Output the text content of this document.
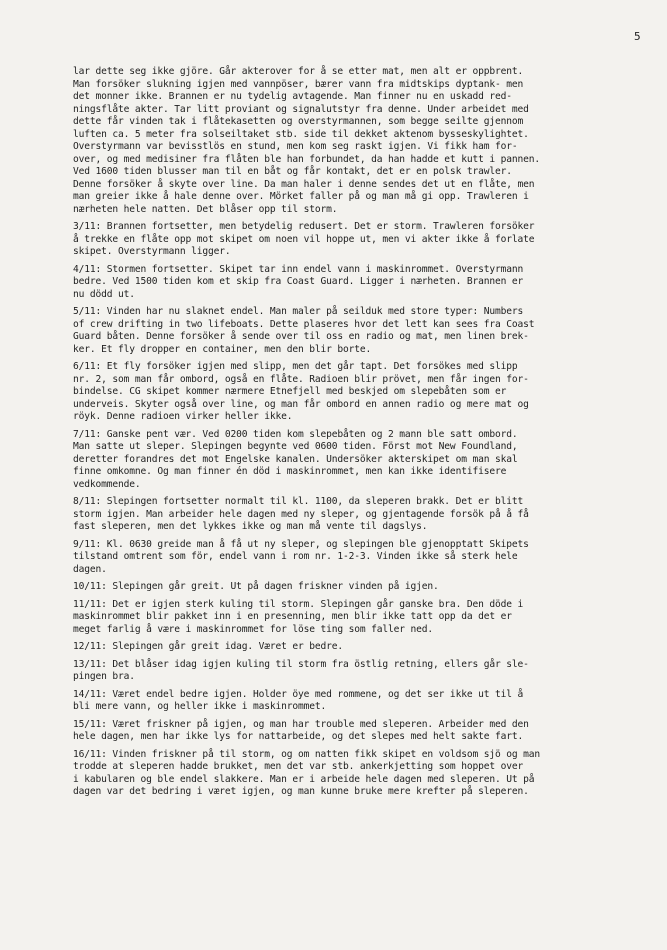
5

lar dette seg ikke gjöre. Går akterover for å se etter mat, men alt er oppbrent.
Man forsöker slukning igjen med vannpöser, bærer vann fra midtskips dyptank- men
det monner ikke. Brannen er nu tydelig avtagende. Man finner nu en uskadd red-
ningsflåte akter. Tar litt proviant og signalutstyr fra denne. Under arbeidet med
dette får vinden tak i flåtekasetten og overstyrmannen, som begge seilte gjennom
luften ca. 5 meter fra solseiltaket stb. side til dekket aktenom bysseskylightet.
Overstyrmann var bevisstlös en stund, men kom seg raskt igjen. Vi fikk ham for-
over, og med medisiner fra flåten ble han forbundet, da han hadde et kutt i pannen.
Ved 1600 tiden blusser man til en båt og får kontakt, det er en polsk trawler.
Denne forsöker å skyte over line. Da man haler i denne sendes det ut en flåte, men
man greier ikke å hale denne over. Mörket faller på og man må gi opp. Trawleren i
nærheten hele natten. Det blåser opp til storm.

3/11: Brannen fortsetter, men betydelig redusert. Det er storm. Trawleren forsöker
å trekke en flåte opp mot skipet om noen vil hoppe ut, men vi akter ikke å forlate
skipet. Overstyrmann ligger.

4/11: Stormen fortsetter. Skipet tar inn endel vann i maskinrommet. Overstyrmann
bedre. Ved 1500 tiden kom et skip fra Coast Guard. Ligger i nærheten. Brannen er
nu dödd ut.

5/11: Vinden har nu slaknet endel. Man maler på seilduk med store typer: Numbers
of crew drifting in two lifeboats. Dette plaseres hvor det lett kan sees fra Coast
Guard båten. Denne forsöker å sende over til oss en radio og mat, men linen brek-
ker. Et fly dropper en container, men den blir borte.

6/11: Et fly forsöker igjen med slipp, men det går tapt. Det forsökes med slipp
nr. 2, som man får ombord, også en flåte. Radioen blir prövet, men får ingen for-
bindelse. CG skipet kommer nærmere Etnefjell med beskjed om slepebåten som er
underveis. Skyter også over line, og man får ombord en annen radio og mere mat og
röyk. Denne radioen virker heller ikke.

7/11: Ganske pent vær. Ved 0200 tiden kom slepebåten og 2 mann ble satt ombord.
Man satte ut sleper. Slepingen begynte ved 0600 tiden. Först mot New Foundland,
deretter forandres det mot Engelske kanalen. Undersöker akterskipet om man skal
finne omkomne. Og man finner én död i maskinrommet, men kan ikke identifisere
vedkommende.

8/11: Slepingen fortsetter normalt til kl. 1100, da sleperen brakk. Det er blitt
storm igjen. Man arbeider hele dagen med ny sleper, og gjentagende forsök på å få
fast sleperen, men det lykkes ikke og man må vente til dagslys.

9/11: Kl. 0630 greide man å få ut ny sleper, og slepingen ble gjenopptatt Skipets
tilstand omtrent som för, endel vann i rom nr. 1-2-3. Vinden ikke så sterk hele
dagen.

10/11: Slepingen går greit. Ut på dagen friskner vinden på igjen.

11/11: Det er igjen sterk kuling til storm. Slepingen går ganske bra. Den döde i
maskinrommet blir pakket inn i en presenning, men blir ikke tatt opp da det er
meget farlig å være i maskinrommet for löse ting som faller ned.

12/11: Slepingen går greit idag. Været er bedre.

13/11: Det blåser idag igjen kuling til storm fra östlig retning, ellers går sle-
pingen bra.

14/11: Været endel bedre igjen. Holder öye med rommene, og det ser ikke ut til å
bli mere vann, og heller ikke i maskinrommet.

15/11: Været friskner på igjen, og man har trouble med sleperen. Arbeider med den
hele dagen, men har ikke lys for nattarbeide, og det slepes med helt sakte fart.

16/11: Vinden friskner på til storm, og om natten fikk skipet en voldsom sjö og man
trodde at sleperen hadde brukket, men det var stb. ankerkjetting som hoppet over
i kabularen og ble endel slakkere. Man er i arbeide hele dagen med sleperen. Ut på
dagen var det bedring i været igjen, og man kunne bruke mere krefter på sleperen.
